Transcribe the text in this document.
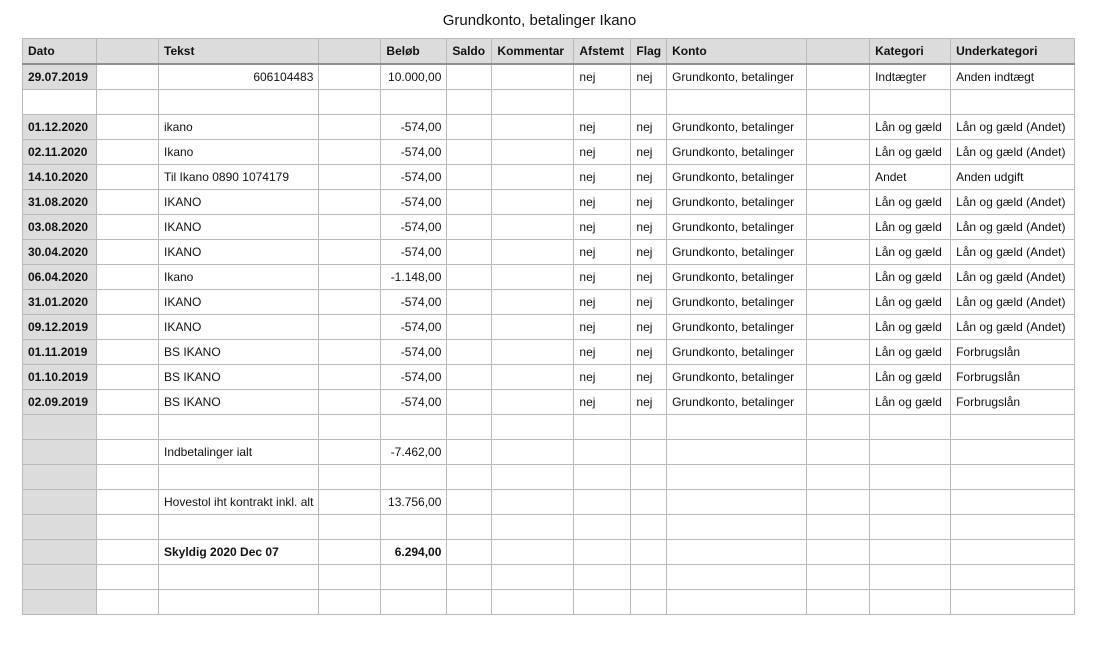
Grundkonto, betalinger Ikano
Dato		Tekst		Beløb	Saldo	Kommentar	Afstemt	Flag	Konto		Kategori	Underkategori
29.07.2019		606104483		10.000,00			nej	nej	Grundkonto, betalinger		Indtægter	Anden indtægt

01.12.2020		ikano		-574,00			nej	nej	Grundkonto, betalinger		Lån og gæld	Lån og gæld (Andet)
02.11.2020		Ikano		-574,00			nej	nej	Grundkonto, betalinger		Lån og gæld	Lån og gæld (Andet)
14.10.2020		Til Ikano 0890 1074179		-574,00			nej	nej	Grundkonto, betalinger		Andet	Anden udgift
31.08.2020		IKANO		-574,00			nej	nej	Grundkonto, betalinger		Lån og gæld	Lån og gæld (Andet)
03.08.2020		IKANO		-574,00			nej	nej	Grundkonto, betalinger		Lån og gæld	Lån og gæld (Andet)
30.04.2020		IKANO		-574,00			nej	nej	Grundkonto, betalinger		Lån og gæld	Lån og gæld (Andet)
06.04.2020		Ikano		-1.148,00			nej	nej	Grundkonto, betalinger		Lån og gæld	Lån og gæld (Andet)
31.01.2020		IKANO		-574,00			nej	nej	Grundkonto, betalinger		Lån og gæld	Lån og gæld (Andet)
09.12.2019		IKANO		-574,00			nej	nej	Grundkonto, betalinger		Lån og gæld	Lån og gæld (Andet)
01.11.2019		BS IKANO		-574,00			nej	nej	Grundkonto, betalinger		Lån og gæld	Forbrugslån
01.10.2019		BS IKANO		-574,00			nej	nej	Grundkonto, betalinger		Lån og gæld	Forbrugslån
02.09.2019		BS IKANO		-574,00			nej	nej	Grundkonto, betalinger		Lån og gæld	Forbrugslån

		Indbetalinger ialt		-7.462,00								

		Hovestol iht kontrakt inkl. alt		13.756,00								

		Skyldig 2020 Dec 07		6.294,00								
